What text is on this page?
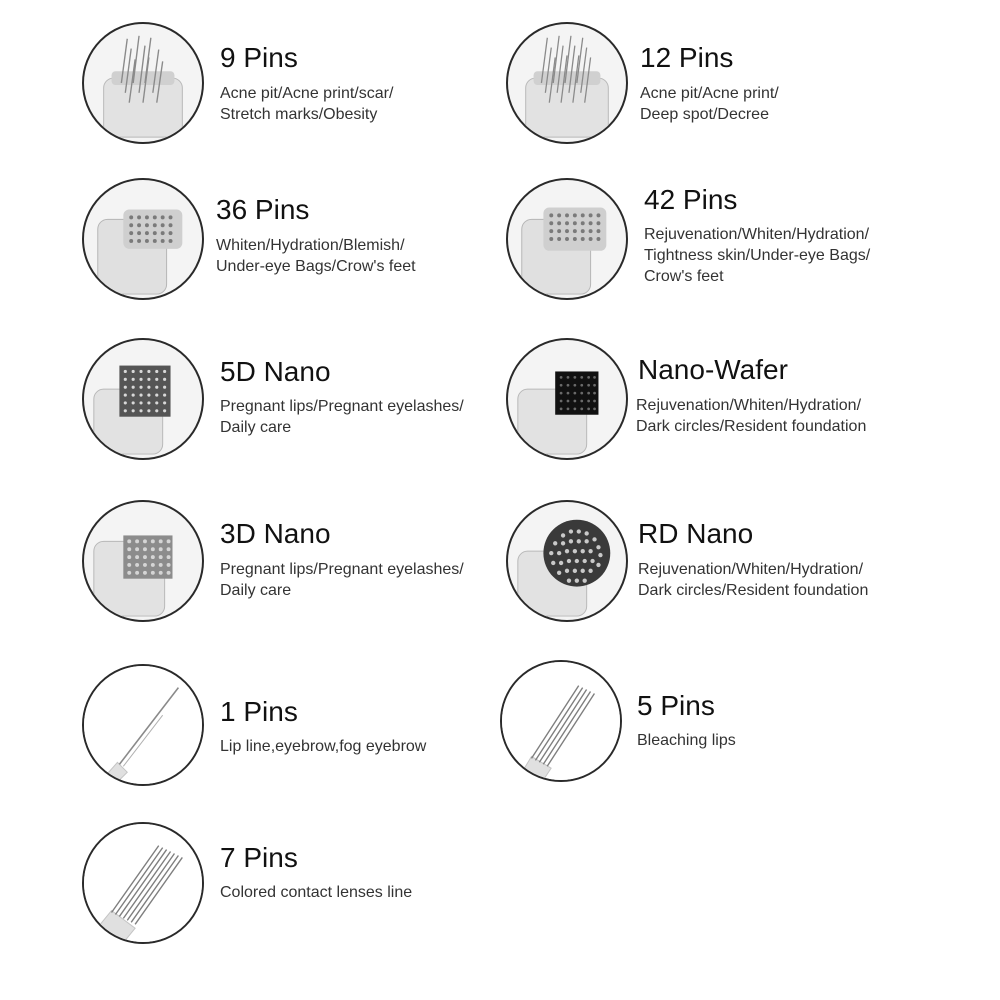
9 Pins
Acne pit/Acne print/scar/
Stretch marks/Obesity
12 Pins
Acne pit/Acne print/
Deep spot/Decree
36 Pins
Whiten/Hydration/Blemish/
Under-eye Bags/Crow's feet
42 Pins
Rejuvenation/Whiten/Hydration/
Tightness skin/Under-eye Bags/
Crow's feet
5D Nano
Pregnant lips/Pregnant eyelashes/
Daily care
Nano-Wafer
Rejuvenation/Whiten/Hydration/
Dark circles/Resident foundation
3D Nano
Pregnant lips/Pregnant eyelashes/
Daily care
RD Nano
Rejuvenation/Whiten/Hydration/
Dark circles/Resident foundation
1 Pins
Lip line,eyebrow,fog eyebrow
5 Pins
Bleaching lips
7 Pins
Colored contact lenses line
